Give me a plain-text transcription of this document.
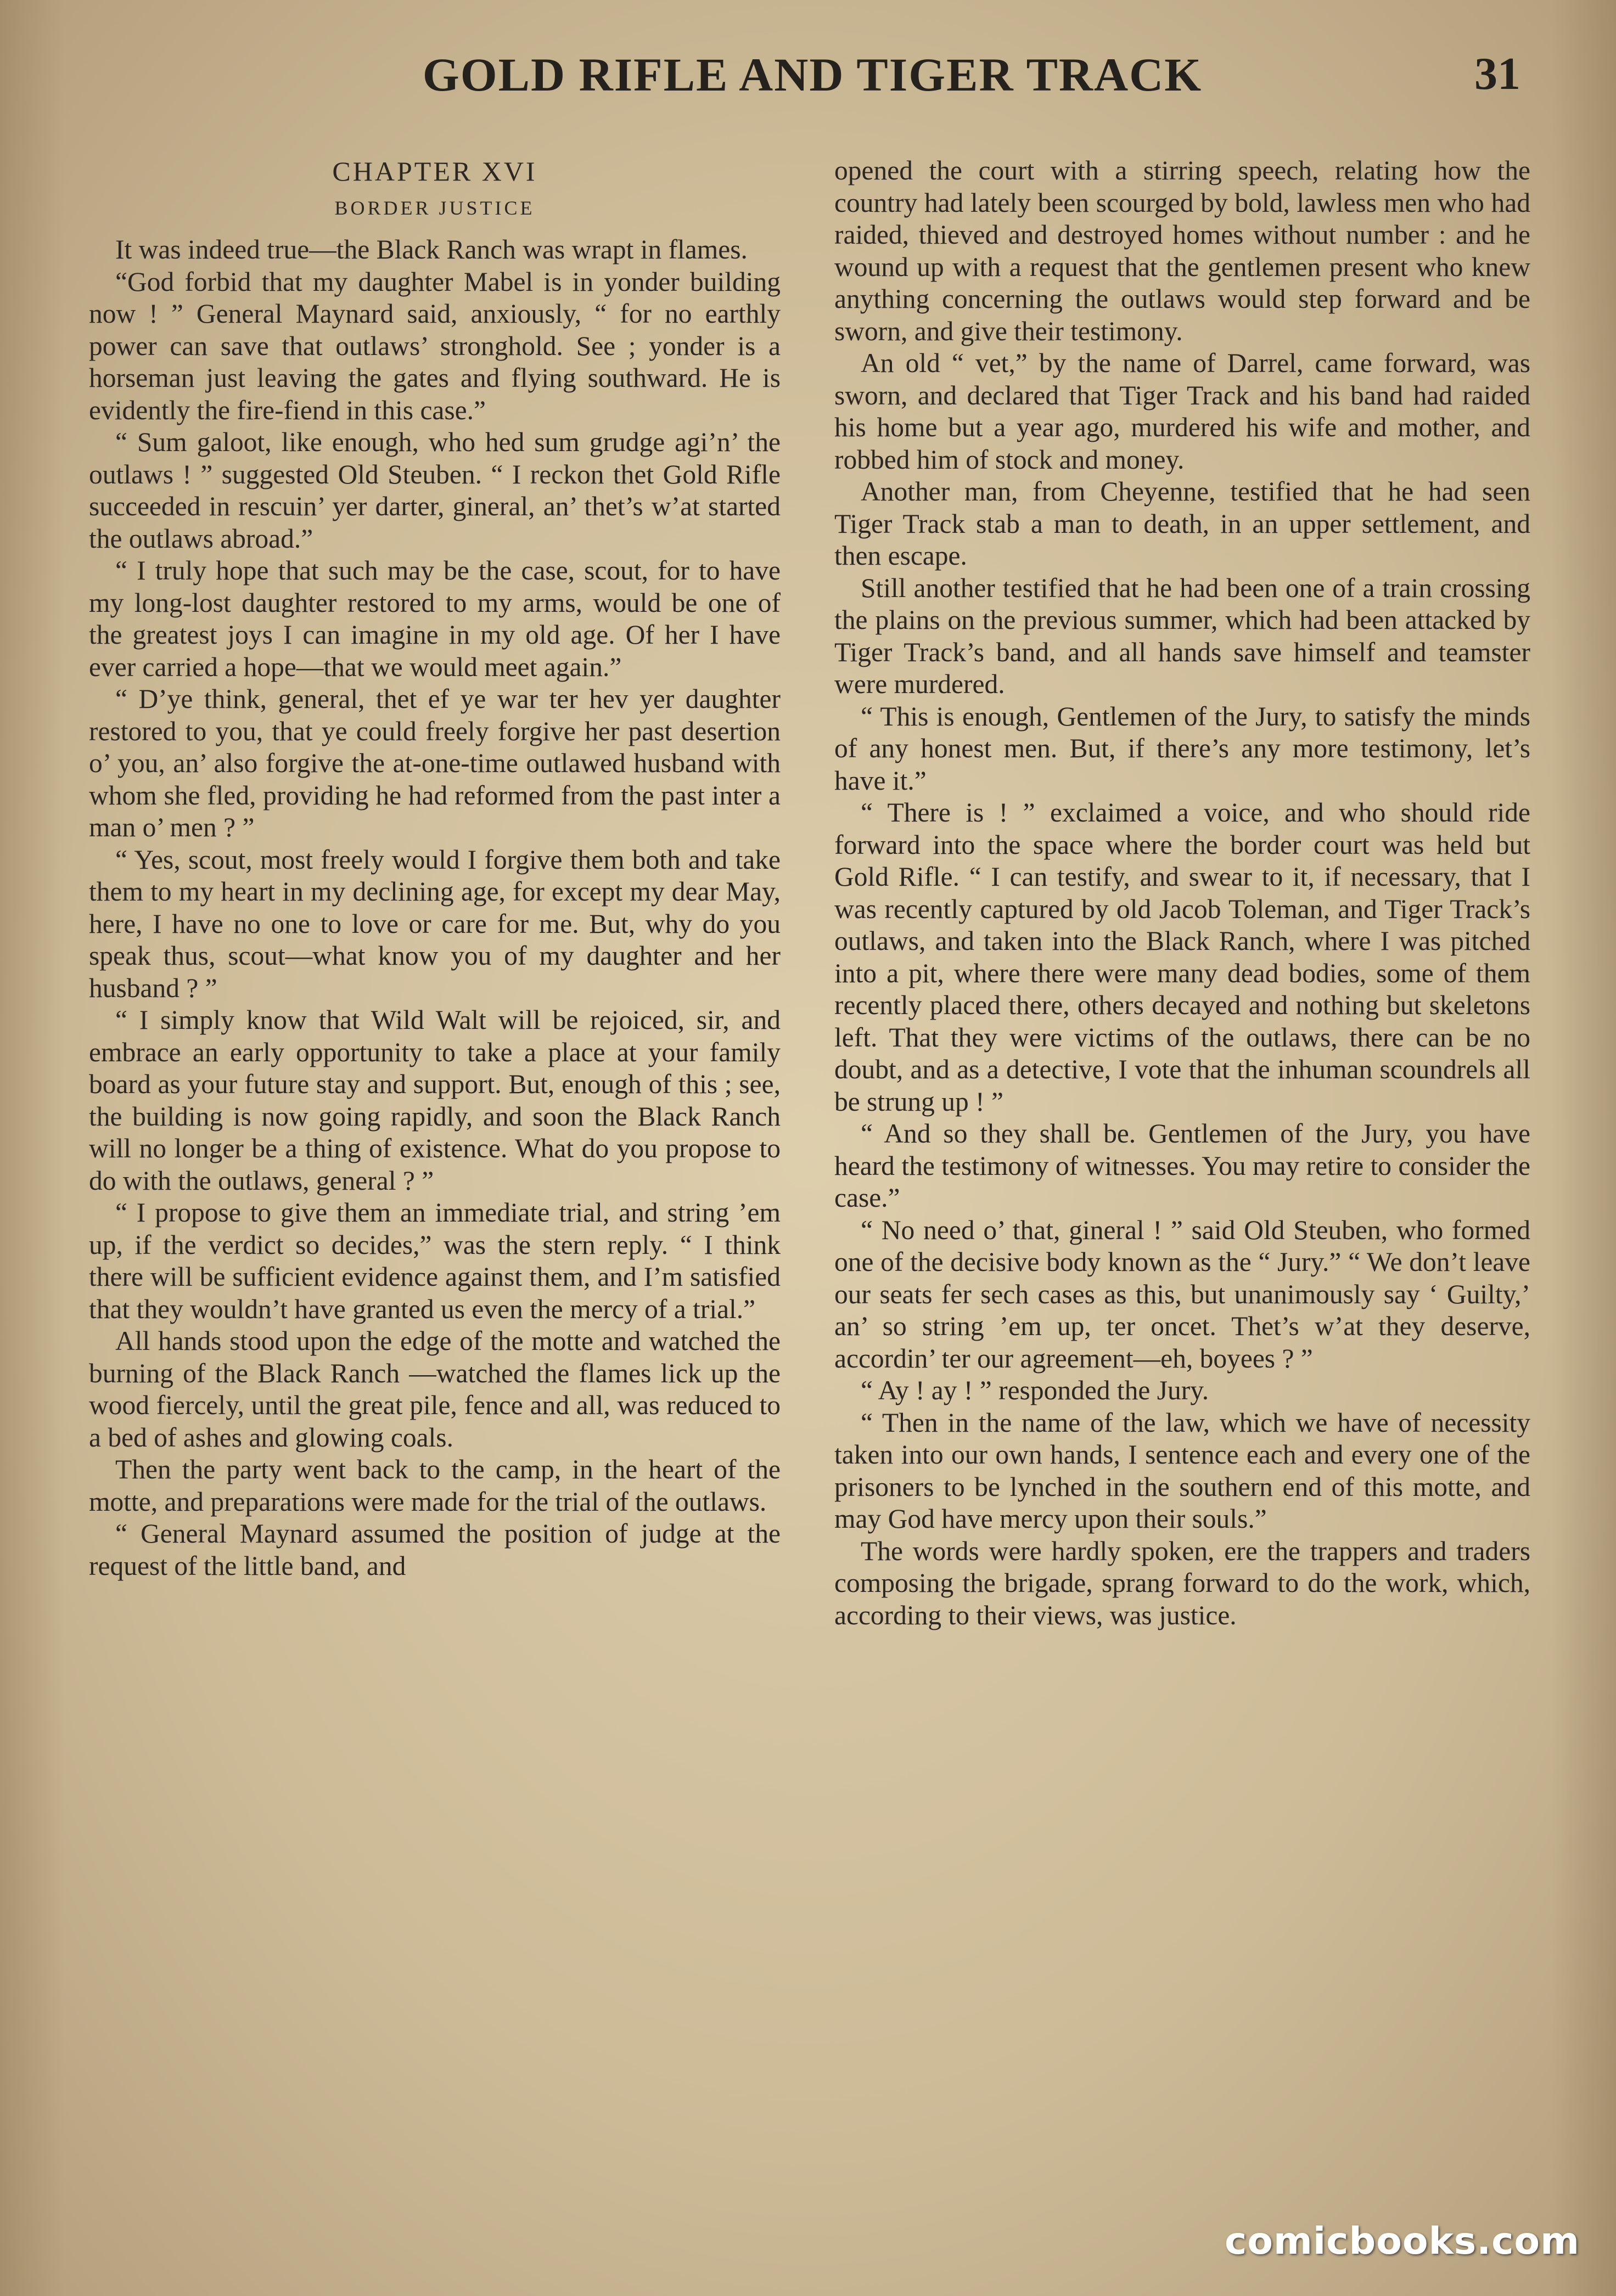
GOLD RIFLE AND TIGER TRACK	31
CHAPTER XVI
BORDER JUSTICE

It was indeed true—the Black Ranch was wrapt in flames.

“God forbid that my daughter Mabel is in yonder building now ! ” General Maynard said, anxiously, “ for no earthly power can save that outlaws’ stronghold. See ; yonder is a horseman just leaving the gates and flying southward. He is evidently the fire-fiend in this case.”

“ Sum galoot, like enough, who hed sum grudge agi’n’ the outlaws ! ” suggested Old Steuben. “ I reckon thet Gold Rifle succeeded in rescuin’ yer darter, gineral, an’ thet’s w’at started the outlaws abroad.”

“ I truly hope that such may be the case, scout, for to have my long-lost daughter restored to my arms, would be one of the greatest joys I can imagine in my old age. Of her I have ever carried a hope—that we would meet again.”

“ D’ye think, general, thet ef ye war ter hev yer daughter restored to you, that ye could freely forgive her past desertion o’ you, an’ also forgive the at-one-time outlawed husband with whom she fled, providing he had reformed from the past inter a man o’ men ? ”

“ Yes, scout, most freely would I forgive them both and take them to my heart in my declining age, for except my dear May, here, I have no one to love or care for me. But, why do you speak thus, scout—what know you of my daughter and her husband ? ”

“ I simply know that Wild Walt will be rejoiced, sir, and embrace an early opportunity to take a place at your family board as your future stay and support. But, enough of this ; see, the building is now going rapidly, and soon the Black Ranch will no longer be a thing of existence. What do you propose to do with the outlaws, general ? ”

“ I propose to give them an immediate trial, and string ’em up, if the verdict so decides,” was the stern reply. “ I think there will be sufficient evidence against them, and I’m satisfied that they wouldn’t have granted us even the mercy of a trial.”

All hands stood upon the edge of the motte and watched the burning of the Black Ranch —watched the flames lick up the wood fiercely, until the great pile, fence and all, was reduced to a bed of ashes and glowing coals.

Then the party went back to the camp, in the heart of the motte, and preparations were made for the trial of the outlaws.

“ General Maynard assumed the position of judge at the request of the little band, and

opened the court with a stirring speech, relating how the country had lately been scourged by bold, lawless men who had raided, thieved and destroyed homes without number : and he wound up with a request that the gentlemen present who knew anything concerning the outlaws would step forward and be sworn, and give their testimony.

An old “ vet,” by the name of Darrel, came forward, was sworn, and declared that Tiger Track and his band had raided his home but a year ago, murdered his wife and mother, and robbed him of stock and money.

Another man, from Cheyenne, testified that he had seen Tiger Track stab a man to death, in an upper settlement, and then escape.

Still another testified that he had been one of a train crossing the plains on the previous summer, which had been attacked by Tiger Track’s band, and all hands save himself and teamster were murdered.

“ This is enough, Gentlemen of the Jury, to satisfy the minds of any honest men. But, if there’s any more testimony, let’s have it.”

“ There is ! ” exclaimed a voice, and who should ride forward into the space where the border court was held but Gold Rifle. “ I can testify, and swear to it, if necessary, that I was recently captured by old Jacob Toleman, and Tiger Track’s outlaws, and taken into the Black Ranch, where I was pitched into a pit, where there were many dead bodies, some of them recently placed there, others decayed and nothing but skeletons left. That they were victims of the outlaws, there can be no doubt, and as a detective, I vote that the inhuman scoundrels all be strung up ! ”

“ And so they shall be. Gentlemen of the Jury, you have heard the testimony of witnesses. You may retire to consider the case.”

“ No need o’ that, gineral ! ” said Old Steuben, who formed one of the decisive body known as the “ Jury.” “ We don’t leave our seats fer sech cases as this, but unanimously say ‘ Guilty,’ an’ so string ’em up, ter oncet. Thet’s w’at they deserve, accordin’ ter our agreement—eh, boyees ? ”

“ Ay ! ay ! ” responded the Jury.

“ Then in the name of the law, which we have of necessity taken into our own hands, I sentence each and every one of the prisoners to be lynched in the southern end of this motte, and may God have mercy upon their souls.”

The words were hardly spoken, ere the trappers and traders composing the brigade, sprang forward to do the work, which, according to their views, was justice.

comicbooks.com
